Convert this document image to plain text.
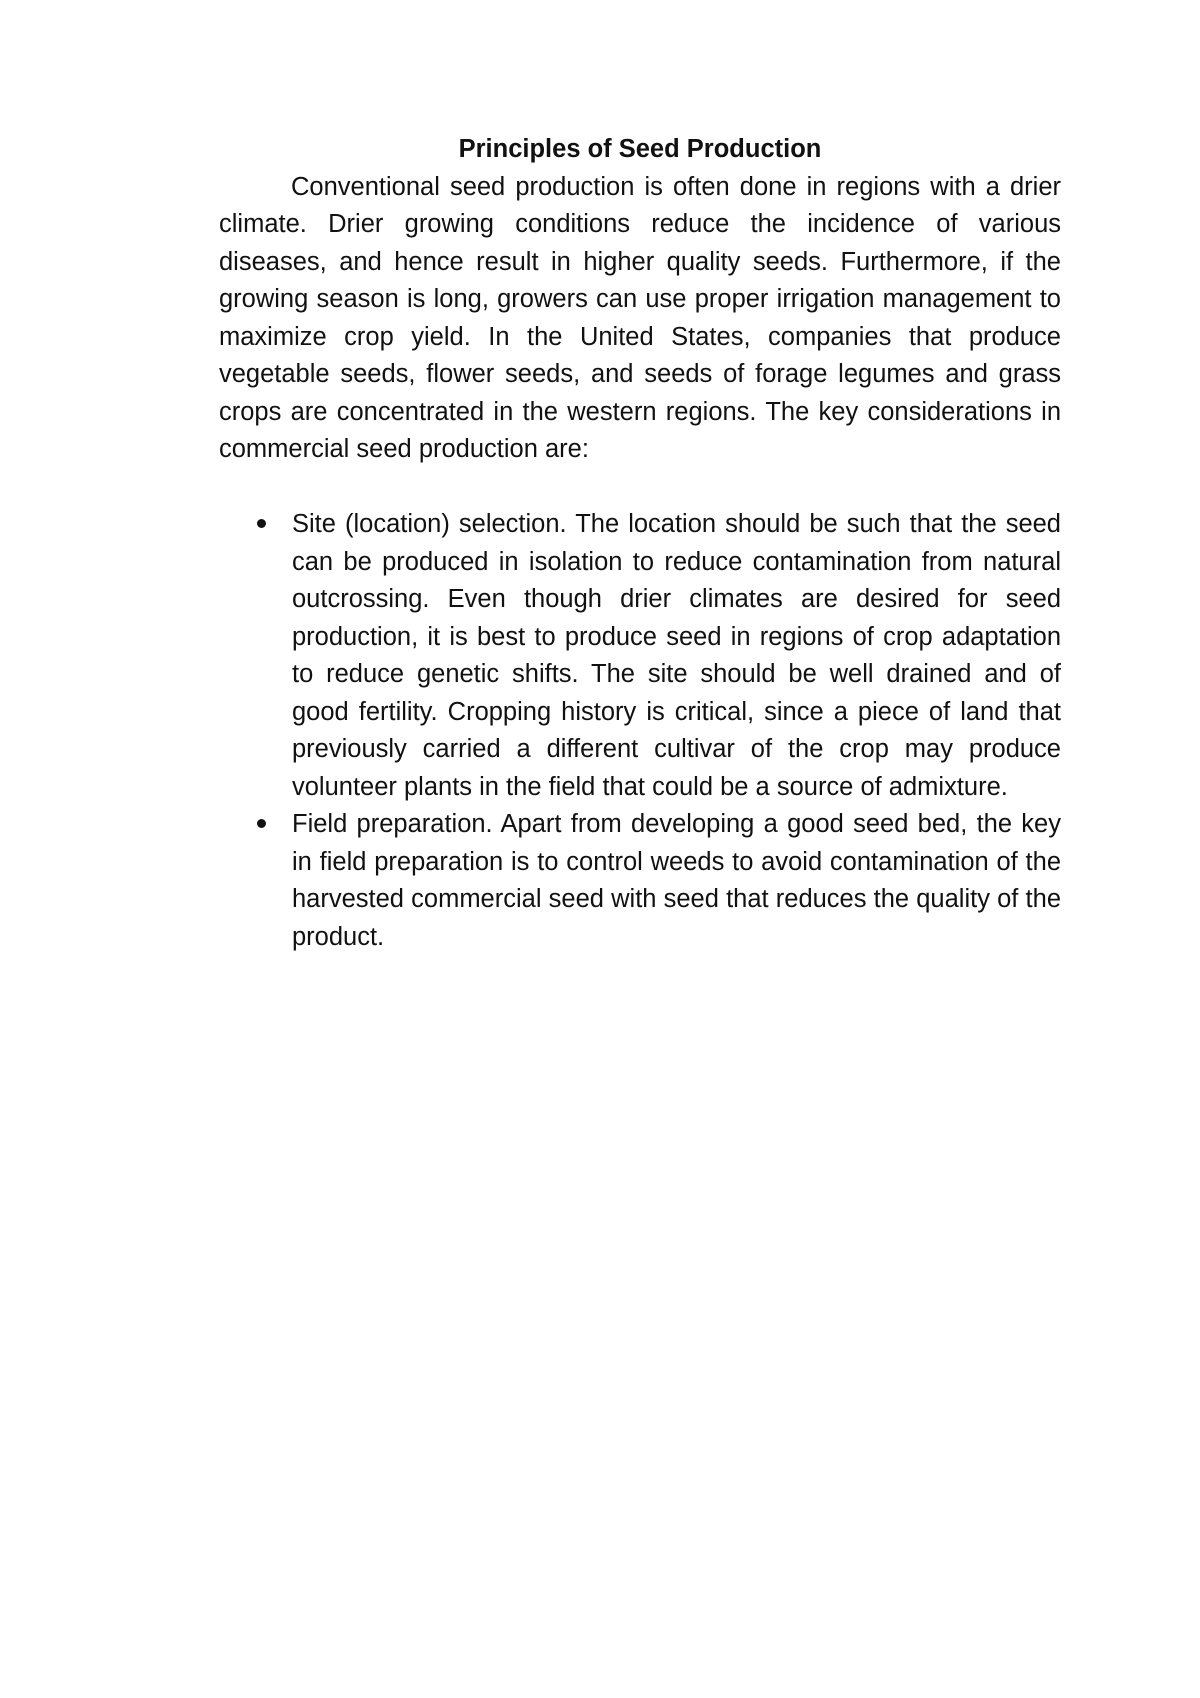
Principles of Seed Production

Conventional seed production is often done in regions with a drier climate. Drier growing conditions reduce the incidence of various diseases, and hence result in higher quality seeds. Furthermore, if the growing season is long, growers can use proper irrigation management to maximize crop yield. In the United States, companies that produce vegetable seeds, flower seeds, and seeds of forage legumes and grass crops are concentrated in the western regions. The key considerations in commercial seed production are:

Site (location) selection. The location should be such that the seed can be produced in isolation to reduce contamination from natural outcrossing. Even though drier climates are desired for seed production, it is best to produce seed in regions of crop adaptation to reduce genetic shifts. The site should be well drained and of good fertility. Cropping history is critical, since a piece of land that previously carried a different cultivar of the crop may produce volunteer plants in the field that could be a source of admixture.
Field preparation. Apart from developing a good seed bed, the key in field preparation is to control weeds to avoid contamination of the harvested commercial seed with seed that reduces the quality of the product.
